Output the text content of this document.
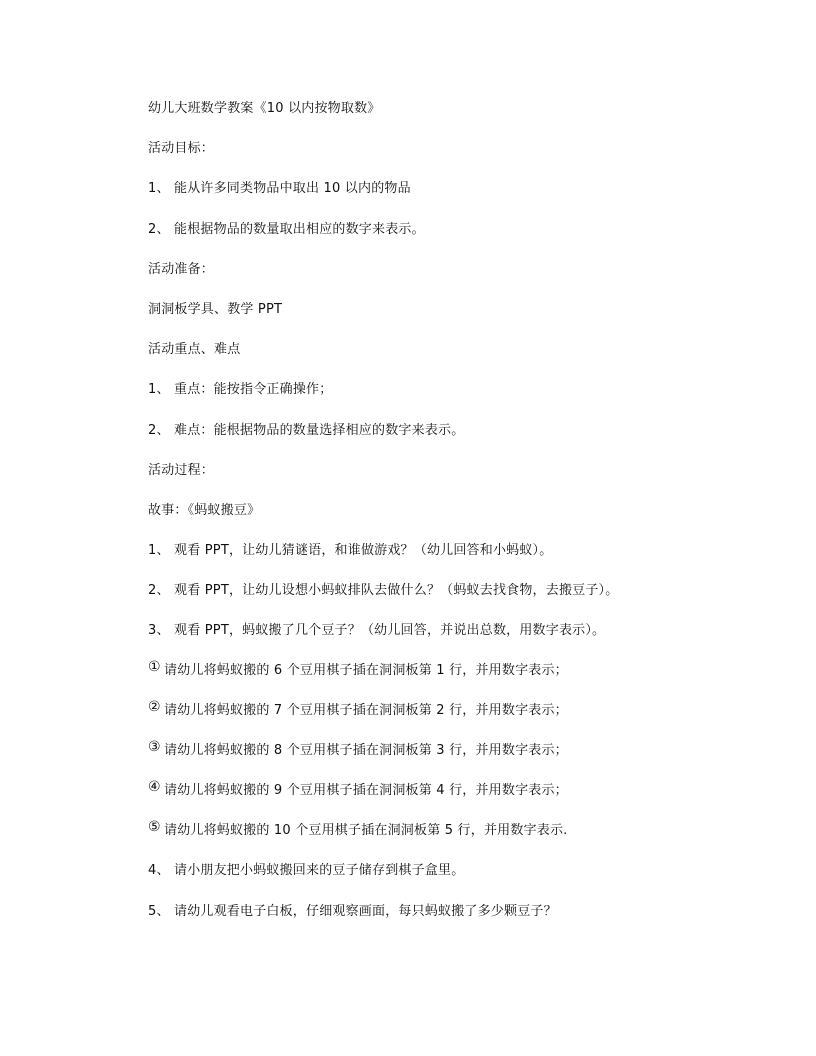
幼儿大班数学教案《10 以内按物取数》
活动目标：
1、 能从许多同类物品中取出 10 以内的物品
2、 能根据物品的数量取出相应的数字来表示。
活动准备：
洞洞板学具、教学 PPT
活动重点、难点
1、 重点：能按指令正确操作；
2、 难点：能根据物品的数量选择相应的数字来表示。
活动过程：
故事：《蚂蚁搬豆》
1、 观看 PPT，让幼儿猜谜语，和谁做游戏？（幼儿回答和小蚂蚁）。
2、 观看 PPT，让幼儿设想小蚂蚁排队去做什么？（蚂蚁去找食物，去搬豆子）。
3、 观看 PPT，蚂蚁搬了几个豆子？（幼儿回答，并说出总数，用数字表示）。
① 请幼儿将蚂蚁搬的 6 个豆用棋子插在洞洞板第 1 行，并用数字表示；
② 请幼儿将蚂蚁搬的 7 个豆用棋子插在洞洞板第 2 行，并用数字表示；
③ 请幼儿将蚂蚁搬的 8 个豆用棋子插在洞洞板第 3 行，并用数字表示；
④ 请幼儿将蚂蚁搬的 9 个豆用棋子插在洞洞板第 4 行，并用数字表示；
⑤ 请幼儿将蚂蚁搬的 10 个豆用棋子插在洞洞板第 5 行，并用数字表示.
4、 请小朋友把小蚂蚁搬回来的豆子储存到棋子盒里。
5、 请幼儿观看电子白板，仔细观察画面，每只蚂蚁搬了多少颗豆子？
